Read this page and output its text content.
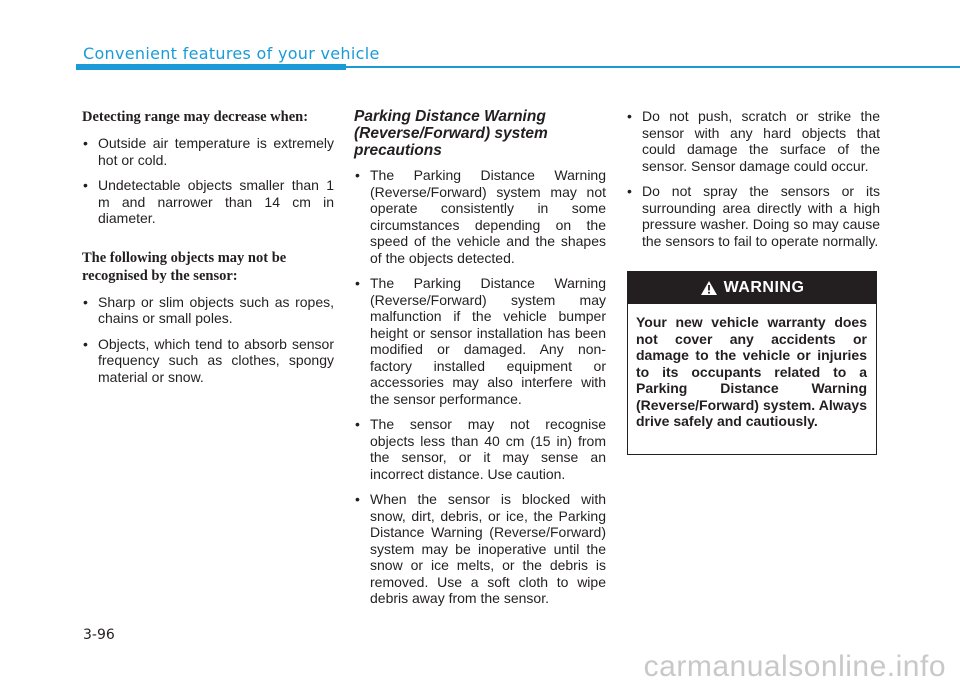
Convenient features of your vehicle

Detecting range may decrease when:

• Outside air temperature is extremely hot or cold.
• Undetectable objects smaller than 1 m and narrower than 14 cm in diameter.

The following objects may not be recognised by the sensor:

• Sharp or slim objects such as ropes, chains or small poles.
• Objects, which tend to absorb sensor frequency such as clothes, spongy material or snow.

Parking Distance Warning (Reverse/Forward) system precautions

• The Parking Distance Warning (Reverse/Forward) system may not operate consistently in some circumstances depending on the speed of the vehicle and the shapes of the objects detected.
• The Parking Distance Warning (Reverse/Forward) system may malfunction if the vehicle bumper height or sensor installation has been modified or damaged. Any non-factory installed equipment or accessories may also interfere with the sensor performance.
• The sensor may not recognise objects less than 40 cm (15 in) from the sensor, or it may sense an incorrect distance. Use caution.
• When the sensor is blocked with snow, dirt, debris, or ice, the Parking Distance Warning (Reverse/Forward) system may be inoperative until the snow or ice melts, or the debris is removed. Use a soft cloth to wipe debris away from the sensor.
• Do not push, scratch or strike the sensor with any hard objects that could damage the surface of the sensor. Sensor damage could occur.
• Do not spray the sensors or its surrounding area directly with a high pressure washer. Doing so may cause the sensors to fail to operate normally.
WARNING
Your new vehicle warranty does not cover any accidents or damage to the vehicle or injuries to its occupants related to a Parking Distance Warning (Reverse/Forward) system. Always drive safely and cautiously.
3-96
carmanualsonline.info
